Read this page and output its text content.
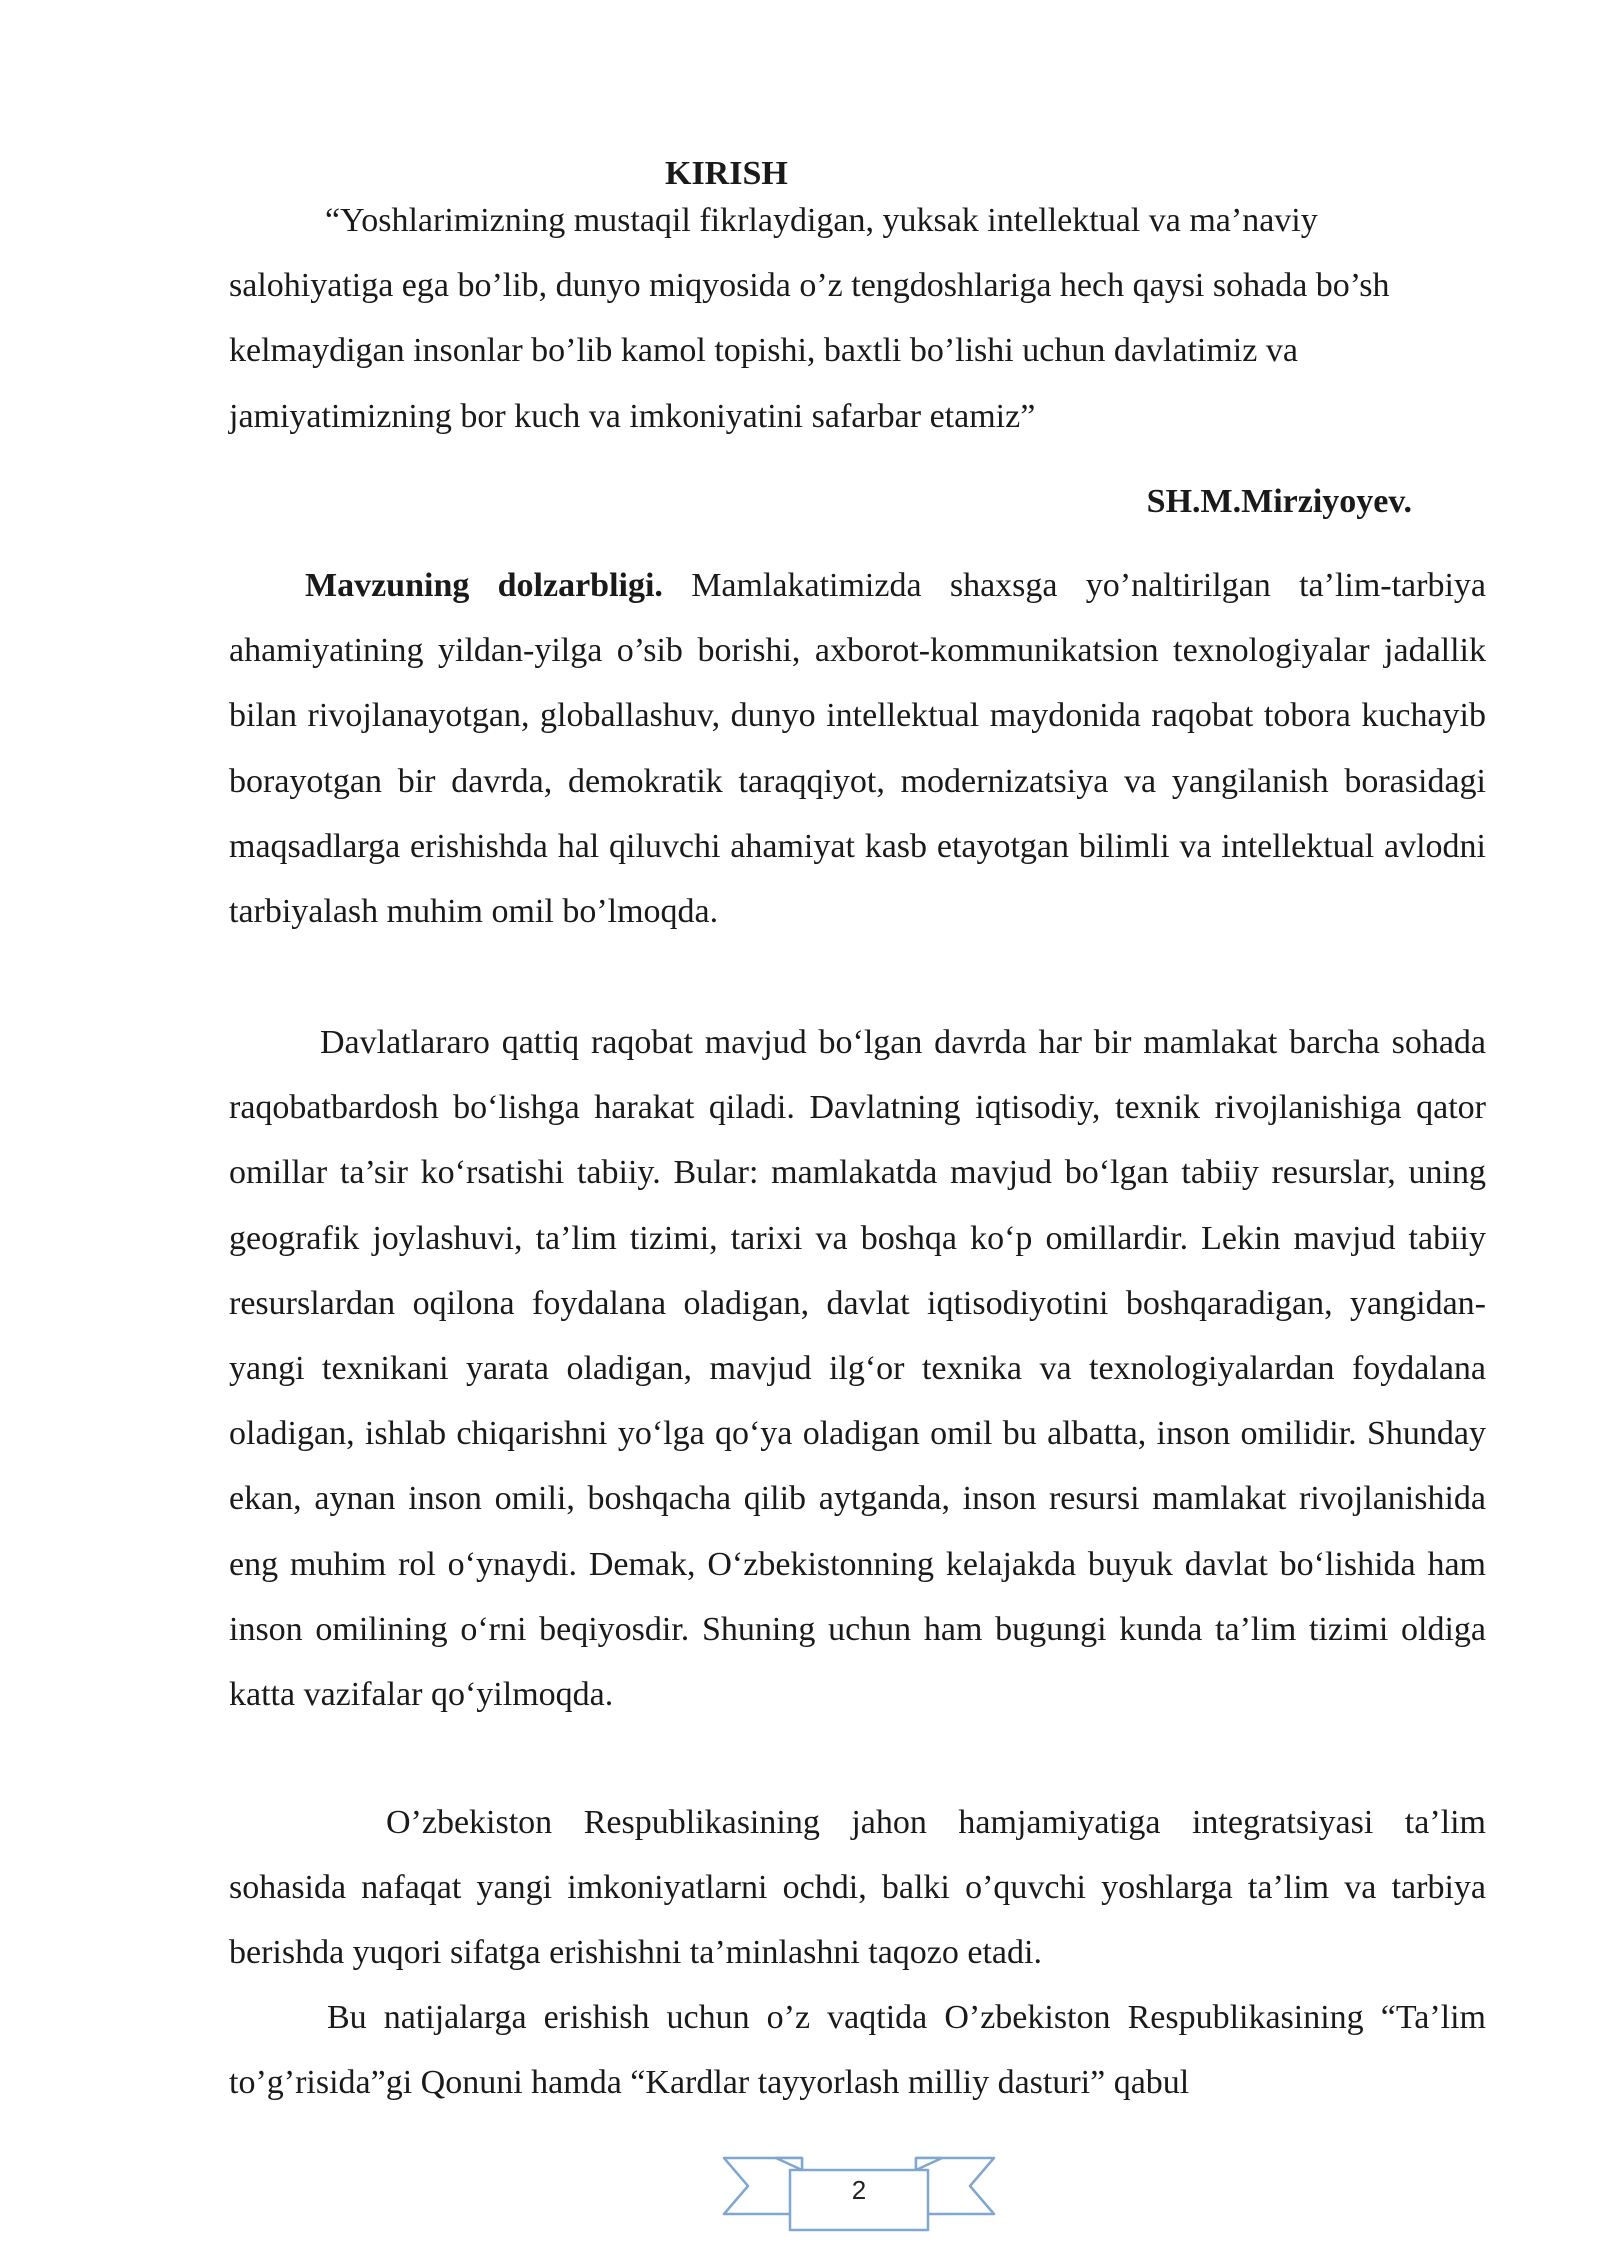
KIRISH

“Yoshlarimizning mustaqil fikrlaydigan, yuksak intellektual va ma’naviy salohiyatiga ega bo’lib, dunyo miqyosida o’z tengdoshlariga hech qaysi sohada bo’sh kelmaydigan insonlar bo’lib kamol topishi, baxtli bo’lishi uchun davlatimiz va jamiyatimizning bor kuch va imkoniyatini safarbar etamiz”

SH.M.Mirziyoyev.

Mavzuning dolzarbligi. Mamlakatimizda shaxsga yo’naltirilgan ta’lim-tarbiya ahamiyatining yildan-yilga o’sib borishi, axborot-kommunikatsion texnologiyalar jadallik bilan rivojlanayotgan, globallashuv, dunyo intellektual maydonida raqobat tobora kuchayib borayotgan bir davrda, demokratik taraqqiyot, modernizatsiya va yangilanish borasidagi maqsadlarga erishishda hal qiluvchi ahamiyat kasb etayotgan bilimli va intellektual avlodni tarbiyalash muhim omil bo’lmoqda.

Davlatlararo qattiq raqobat mavjud bo‘lgan davrda har bir mamlakat barcha sohada raqobatbardosh bo‘lishga harakat qiladi. Davlatning iqtisodiy, texnik rivojlanishiga qator omillar ta’sir ko‘rsatishi tabiiy. Bular: mamlakatda mavjud bo‘lgan tabiiy resurslar, uning geografik joylashuvi, ta’lim tizimi, tarixi va boshqa ko‘p omillardir. Lekin mavjud tabiiy resurslardan oqilona foydalana oladigan, davlat iqtisodiyotini boshqaradigan, yangidan-yangi texnikani yarata oladigan, mavjud ilg‘or texnika va texnologiyalardan foydalana oladigan, ishlab chiqarishni yo‘lga qo‘ya oladigan omil bu albatta, inson omilidir. Shunday ekan, aynan inson omili, boshqacha qilib aytganda, inson resursi mamlakat rivojlanishida eng muhim rol o‘ynaydi. Demak, O‘zbekistonning kelajakda buyuk davlat bo‘lishida ham inson omilining o‘rni beqiyosdir. Shuning uchun ham bugungi kunda ta’lim tizimi oldiga katta vazifalar qo‘yilmoqda.

O’zbekiston Respublikasining jahon hamjamiyatiga integratsiyasi ta’lim sohasida nafaqat yangi imkoniyatlarni ochdi, balki o’quvchi yoshlarga ta’lim va tarbiya berishda yuqori sifatga erishishni ta’minlashni taqozo etadi.

Bu natijalarga erishish uchun o’z vaqtida O’zbekiston Respublikasining “Ta’lim to’g’risida”gi Qonuni hamda “Kardlar tayyorlash milliy dasturi” qabul

2
